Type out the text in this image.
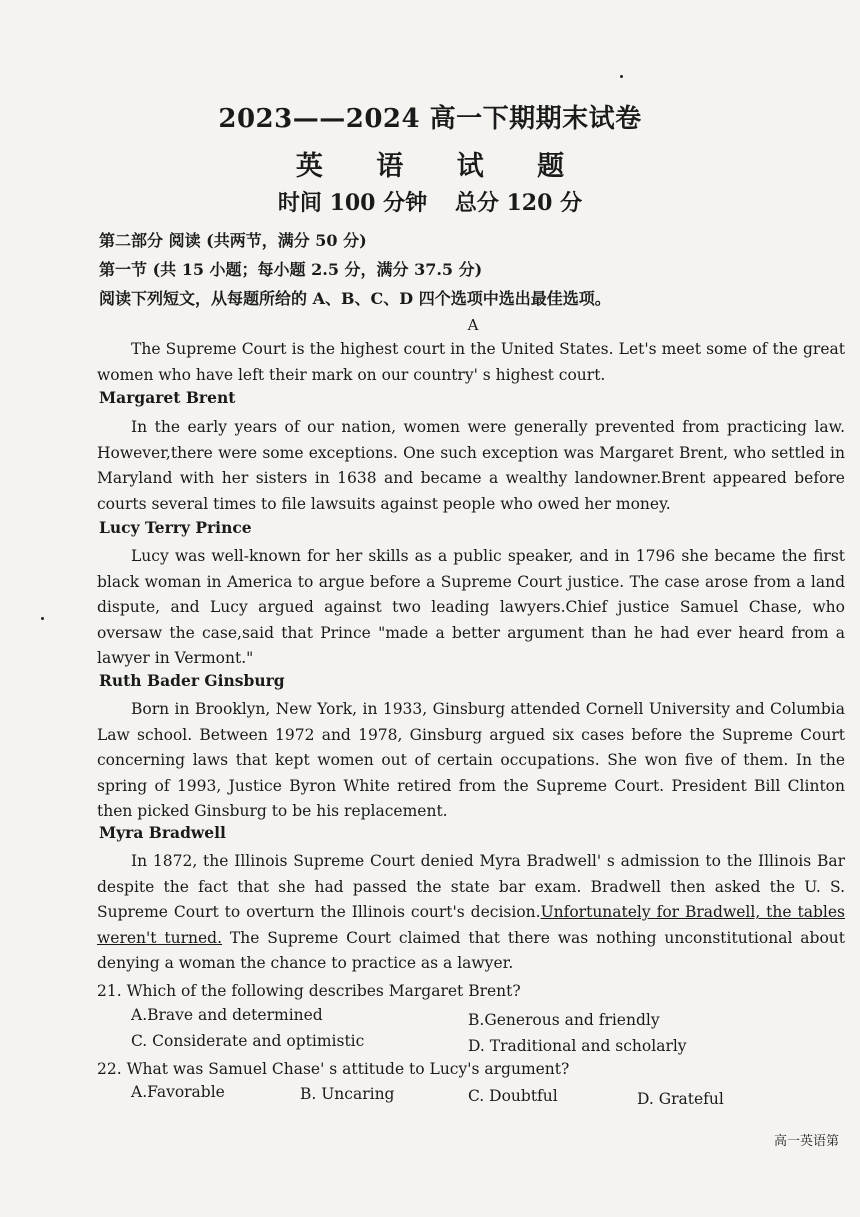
2023——2024 高一下期期末试卷
英 语 试 题
时间 100 分钟 总分 120 分
第二部分 阅读 (共两节，满分 50 分)
第一节 (共 15 小题；每小题 2.5 分，满分 37.5 分)
阅读下列短文，从每题所给的 A、B、C、D 四个选项中选出最佳选项。
A

The Supreme Court is the highest court in the United States. Let's meet some of the great women who have left their mark on our country' s highest court.

Margaret Brent

In the early years of our nation, women were generally prevented from practicing law. However,there were some exceptions. One such exception was Margaret Brent, who settled in Maryland with her sisters in 1638 and became a wealthy landowner.Brent appeared before courts several times to file lawsuits against people who owed her money.

Lucy Terry Prince

Lucy was well-known for her skills as a public speaker, and in 1796 she became the first black woman in America to argue before a Supreme Court justice. The case arose from a land dispute, and Lucy argued against two leading lawyers.Chief justice Samuel Chase, who oversaw the case,said that Prince "made a better argument than he had ever heard from a lawyer in Vermont."

Ruth Bader Ginsburg

Born in Brooklyn, New York, in 1933, Ginsburg attended Cornell University and Columbia Law school. Between 1972 and 1978, Ginsburg argued six cases before the Supreme Court concerning laws that kept women out of certain occupations. She won five of them. In the spring of 1993, Justice Byron White retired from the Supreme Court. President Bill Clinton then picked Ginsburg to be his replacement.

Myra Bradwell

In 1872, the Illinois Supreme Court denied Myra Bradwell' s admission to the Illinois Bar despite the fact that she had passed the state bar exam. Bradwell then asked the U. S. Supreme Court to overturn the Illinois court's decision.Unfortunately for Bradwell, the tables weren't turned. The Supreme Court claimed that there was nothing unconstitutional about denying a woman the chance to practice as a lawyer.

21. Which of the following describes Margaret Brent?
A.Brave and determined	B.Generous and friendly
C. Considerate and optimistic	D. Traditional and scholarly
22. What was Samuel Chase' s attitude to Lucy's argument?
A.Favorable	B. Uncaring	C. Doubtful	D. Grateful
高一英语第
